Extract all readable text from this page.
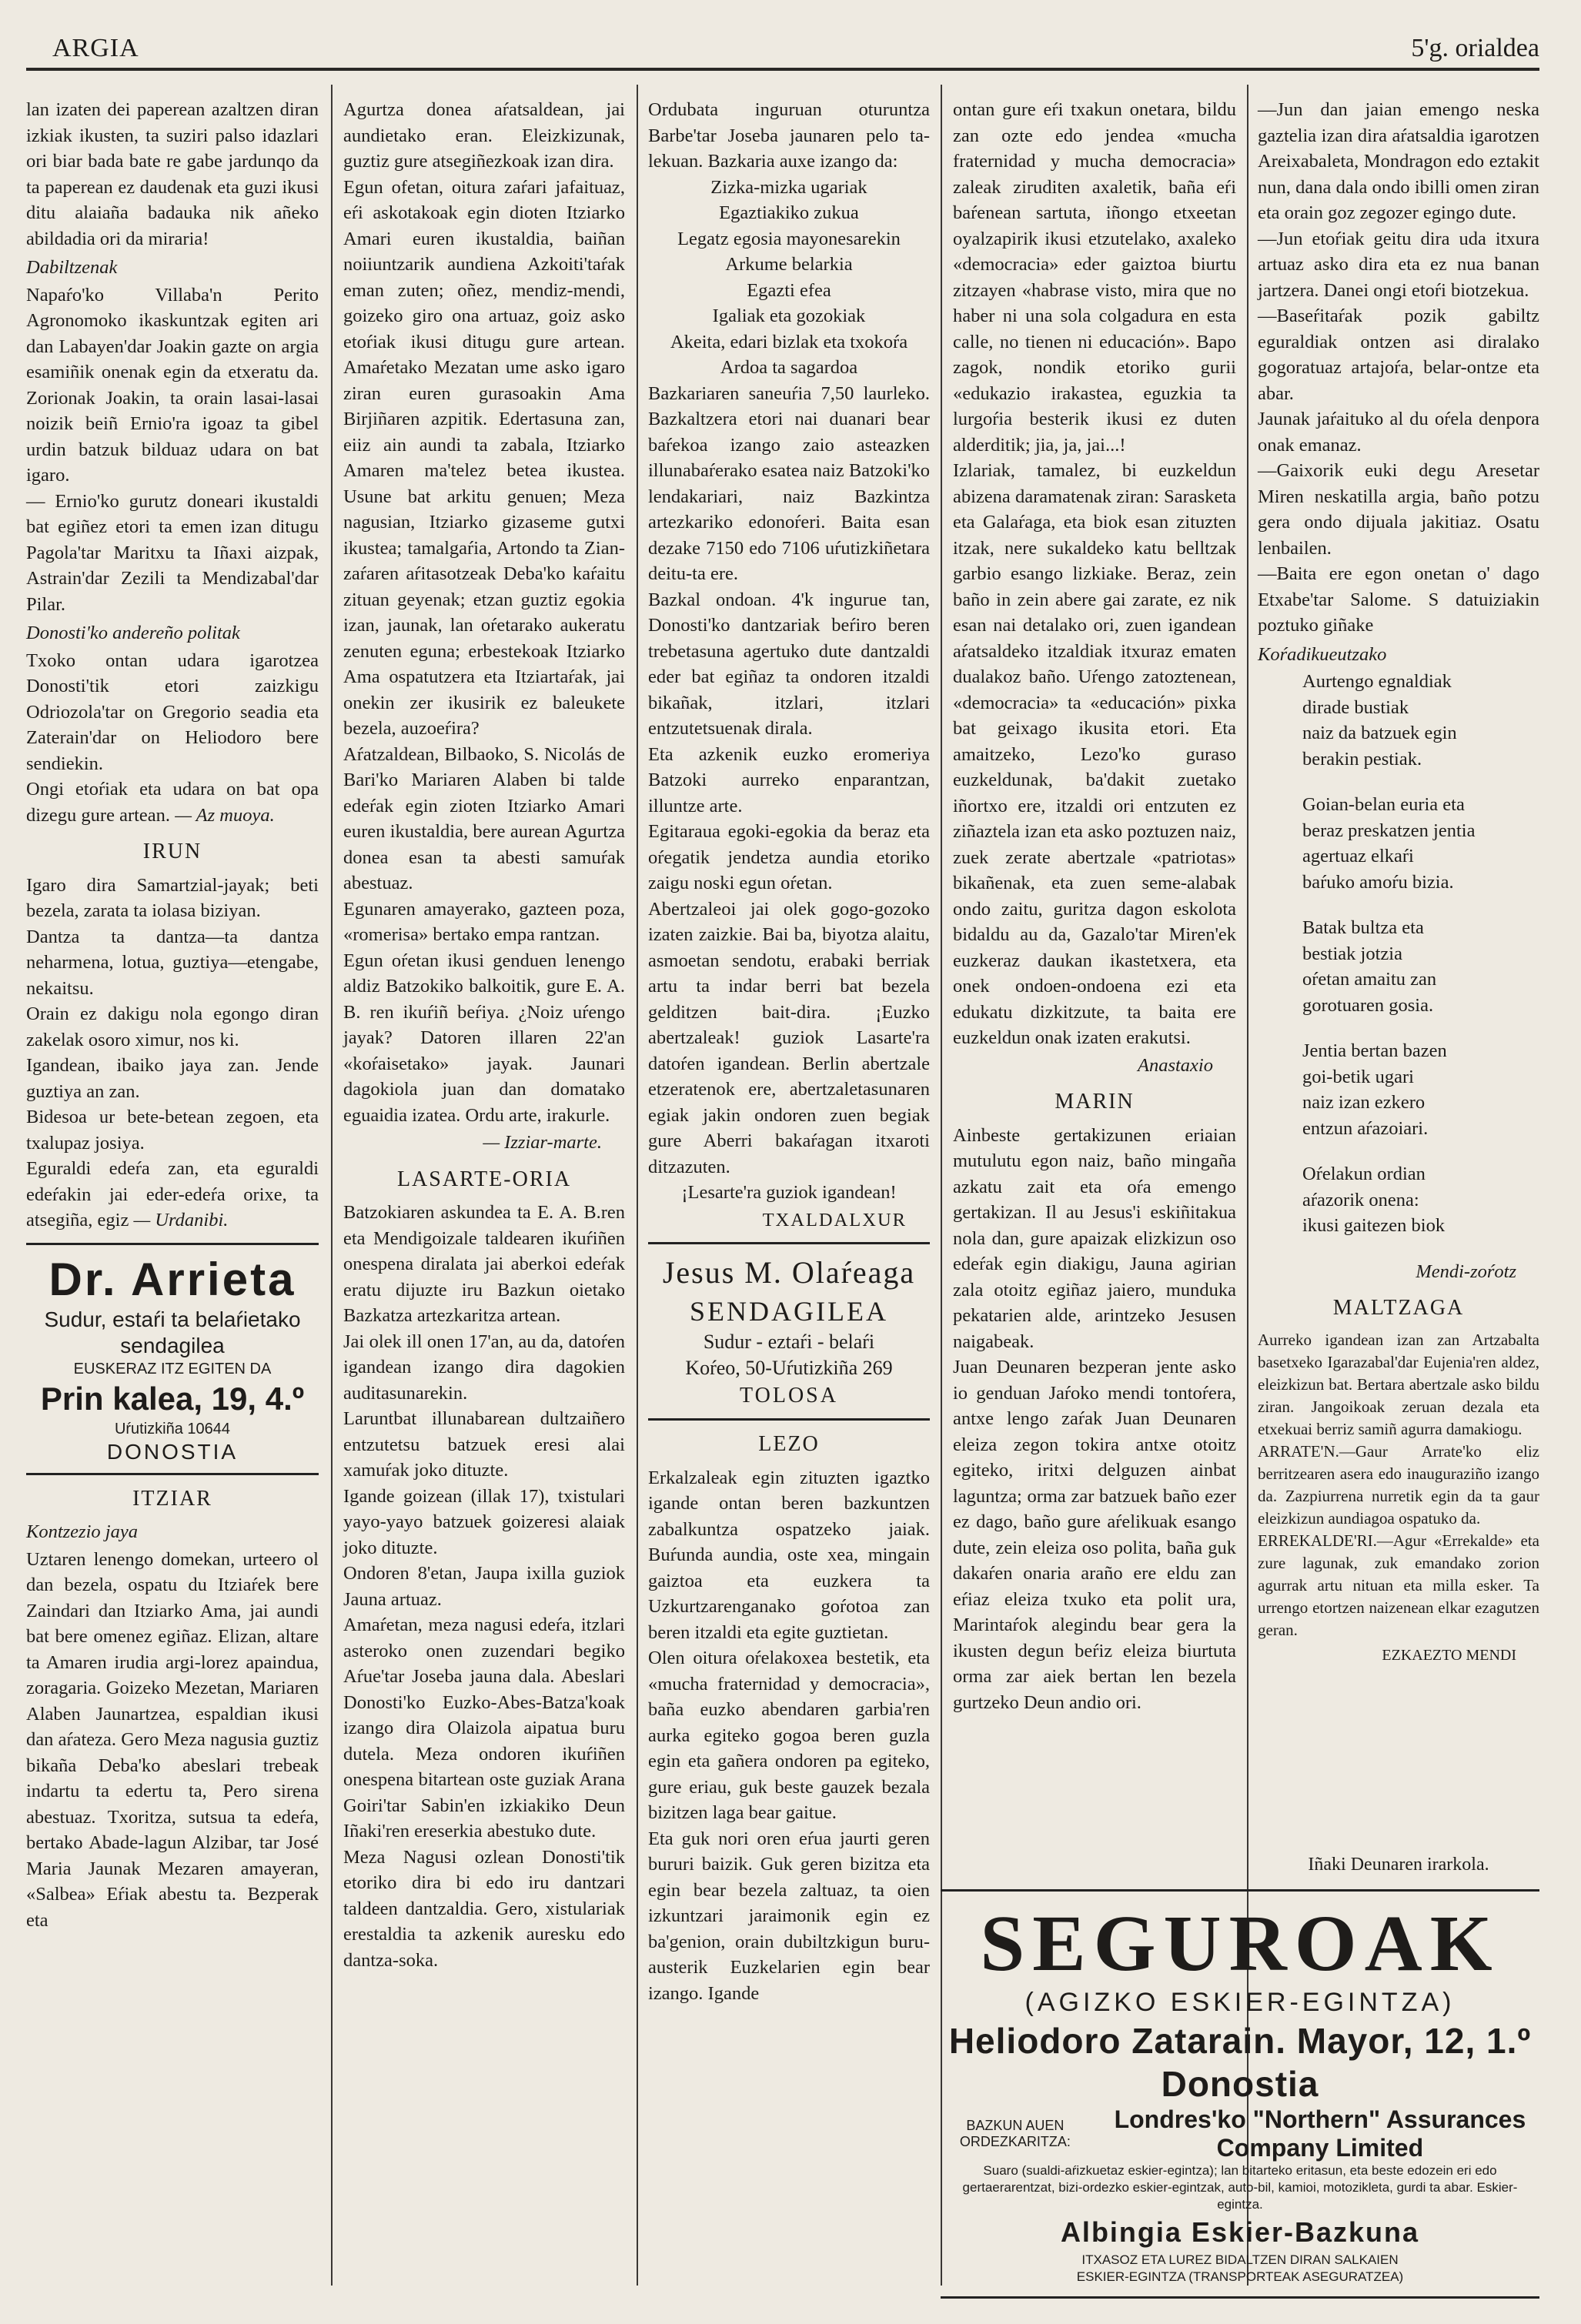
ARGIA	5'g. orialdea

lan izaten dei paperean azaltzen diran izkiak ikusten, ta suziri palso idazlari ori biar bada bate re gabe jardunqo da ta paperean ez daudenak eta guzi ikusi ditu alaiaña badauka nik añeko abildadia ori da miraria!

Dabiltzenak

Napaŕo'ko Villaba'n Perito Agronomoko ikaskuntzak egiten ari dan Labayen'dar Joakin gazte on argia esamiñik onenak egin da etxeratu da. Zorionak Joakin, ta orain lasai-lasai noizik beiñ Ernio'ra igoaz ta gibel urdin batzuk bilduaz udara on bat igaro.

— Ernio'ko gurutz doneari ikustaldi bat egiñez etori ta emen izan ditugu Pagola'tar Maritxu ta Iñaxi aizpak, Astrain'dar Zezili ta Mendizabal'dar Pilar.

Donosti'ko andereño politak

Txoko ontan udara igarotzea Donosti'tik etori zaizkigu Odriozola'tar on Gregorio seadia eta Zaterain'dar on Heliodoro bere sendiekin.

Ongi etoŕiak eta udara on bat opa dizegu gure artean. — Az muoya.

IRUN

Igaro dira Samartzial-jayak; beti bezela, zarata ta iolasa biziyan.

Dantza ta dantza—ta dantza neharmena, lotua, guztiya—etengabe, nekaitsu.

Orain ez dakigu nola egongo diran zakelak osoro ximur, nos ki.

Igandean, ibaiko jaya zan. Jende guztiya an zan.

Bidesoa ur bete-betean zegoen, eta txalupaz josiya.

Eguraldi edeŕa zan, eta eguraldi edeŕakin jai eder-edeŕa orixe, ta atsegiña, egiz — Urdanibi.

Dr. Arrieta
Sudur, estaŕi ta belaŕietako
sendagilea
EUSKERAZ ITZ EGITEN DA
Prin kalea, 19, 4.º
Uŕutizkiña 10644
DONOSTIA
ITZIAR

Kontzezio jaya

Uztaren lenengo domekan, urteero ol dan bezela, ospatu du Itziaŕek bere Zaindari dan Itziarko Ama, jai aundi bat bere omenez egiñaz. Elizan, altare ta Amaren irudia argi-lorez apaindua, zoragaria. Goizeko Mezetan, Mariaren Alaben Jaunartzea, espaldian ikusi dan aŕateza. Gero Meza nagusia guztiz bikaña Deba'ko abeslari trebeak indartu ta edertu ta, Pero sirena abestuaz. Txoritza, sutsua ta edeŕa, bertako Abade-lagun Alzibar, tar José Maria Jaunak Mezaren amayeran, «Salbea» Eŕiak abestu ta. Bezperak eta

Agurtza donea aŕatsaldean, jai aundietako eran. Eleizkizunak, guztiz gure atsegiñezkoak izan dira.

Egun ofetan, oitura zaŕari jafaituaz, eŕi askotakoak egin dioten Itziarko Amari euren ikustaldia, baiñan noiiuntzarik aundiena Azkoiti'taŕak eman zuten; oñez, mendiz-mendi, goizeko giro ona artuaz, goiz asko etoŕiak ikusi ditugu gure artean. Amaŕetako Mezatan ume asko igaro ziran euren gurasoakin Ama Birjiñaren azpitik. Edertasuna zan, eiiz ain aundi ta zabala, Itziarko Amaren ma'telez betea ikustea. Usune bat arkitu genuen; Meza nagusian, Itziarko gizaseme gutxi ikustea; tamalgaŕia, Artondo ta Zian-zaŕaren aŕitasotzeak Deba'ko kaŕaitu zituan geyenak; etzan guztiz egokia izan, jaunak, lan oŕetarako aukeratu zenuten eguna; erbestekoak Itziarko Ama ospatutzera eta Itziartaŕak, jai onekin zer ikusirik ez baleukete bezela, auzoeŕira?

Aŕatzaldean, Bilbaoko, S. Nicolás de Bari'ko Mariaren Alaben bi talde edeŕak egin zioten Itziarko Amari euren ikustaldia, bere aurean Agurtza donea esan ta abesti samuŕak abestuaz.

Egunaren amayerako, gazteen poza, «romerisa» bertako empa rantzan.

Egun oŕetan ikusi genduen lenengo aldiz Batzokiko balkoitik, gure E. A. B. ren ikuŕiñ beŕiya. ¿Noiz uŕengo jayak? Datoren illaren 22'an «koŕaisetako» jayak. Jaunari dagokiola juan dan domatako eguaidia izatea. Ordu arte, irakurle.

— Izziar-marte.

LASARTE-ORIA

Batzokiaren askundea ta E. A. B.ren eta Mendigoizale taldearen ikuŕiñen onespena diralata jai aberkoi edeŕak eratu dijuzte iru Bazkun oietako Bazkatza artezkaritza artean.

Jai olek ill onen 17'an, au da, datoŕen igandean izango dira dagokien auditasunarekin.

Laruntbat illunabarean dultzaiñero entzutetsu batzuek eresi alai xamuŕak joko dituzte.

Igande goizean (illak 17), txistulari yayo-yayo batzuek goizeresi alaiak joko dituzte.

Ondoren 8'etan, Jaupa ixilla guziok Jauna artuaz.

Amaŕetan, meza nagusi edeŕa, itzlari asteroko onen zuzendari begiko Aŕue'tar Joseba jauna dala. Abeslari Donosti'ko Euzko-Abes-Batza'koak izango dira Olaizola aipatua buru dutela. Meza ondoren ikuŕiñen onespena bitartean oste guziak Arana Goiri'tar Sabin'en izkiakiko Deun Iñaki'ren ereserkia abestuko dute.

Meza Nagusi ozlean Donosti'tik etoriko dira bi edo iru dantzari taldeen dantzaldia. Gero, xistulariak erestaldia ta azkenik auresku edo dantza-soka.

Ordubata inguruan oturuntza Barbe'tar Joseba jaunaren pelo ta-lekuan. Bazkaria auxe izango da:

Zizka-mizka ugariak
Egaztiakiko zukua
Legatz egosia mayonesarekin
Arkume belarkia
Egazti efea
Igaliak eta gozokiak
Akeita, edari bizlak eta txokoŕa
Ardoa ta sagardoa

Bazkariaren saneuŕia 7,50 laurleko. Bazkaltzera etori nai duanari bear baŕekoa izango zaio asteazken illunabaŕerako esatea naiz Batzoki'ko lendakariari, naiz Bazkintza artezkariko edonoŕeri. Baita esan dezake 7150 edo 7106 uŕutizkiñetara deitu-ta ere.

Bazkal ondoan. 4'k ingurue tan, Donosti'ko dantzariak beŕiro beren trebetasuna agertuko dute dantzaldi eder bat egiñaz ta ondoren itzaldi bikañak, itzlari, itzlari entzutetsuenak dirala.

Eta azkenik euzko eromeriya Batzoki aurreko enparantzan, illuntze arte.

Egitaraua egoki-egokia da beraz eta oŕegatik jendetza aundia etoriko zaigu noski egun oŕetan.

Abertzaleoi jai olek gogo-gozoko izaten zaizkie. Bai ba, biyotza alaitu, asmoetan sendotu, erabaki berriak artu ta indar berri bat bezela gelditzen bait-dira. ¡Euzko abertzaleak! guziok Lasarte'ra datoŕen igandean. Berlin abertzale etzeratenok ere, abertzaletasunaren egiak jakin ondoren zuen begiak gure Aberri bakaŕagan itxaroti ditzazuten.

¡Lesarte'ra guziok igandean!

TXALDALXUR

Jesus M. Olaŕeaga
SENDAGILEA
Sudur - eztaŕi - belaŕi
Koŕeo, 50-Uŕutizkiña 269
TOLOSA
LEZO

Erkalzaleak egin zituzten igaztko igande ontan beren bazkuntzen zabalkuntza ospatzeko jaiak. Buŕunda aundia, oste xea, mingain gaiztoa eta euzkera ta Uzkurtzarenganako goŕotoa zan beren itzaldi eta egite guztietan.

Olen oitura oŕelakoxea bestetik, eta «mucha fraternidad y democracia», baña euzko abendaren garbia'ren aurka egiteko gogoa beren guzla egin eta gañera ondoren pa egiteko, gure eriau, guk beste gauzek bezala bizitzen laga bear gaitue.

Eta guk nori oren eŕua jaurti geren bururi baizik. Guk geren bizitza eta egin bear bezela zaltuaz, ta oien izkuntzari jaraimonik egin ez ba'genion, orain dubiltzkigun buru-austerik Euzkelarien egin bear izango. Igande

ontan gure eŕi txakun onetara, bildu zan ozte edo jendea «mucha fraternidad y mucha democracia» zaleak ziruditen axaletik, baña eŕi baŕenean sartuta, iñongo etxeetan oyalzapirik ikusi etzutelako, axaleko «democracia» eder gaiztoa biurtu zitzayen «habrase visto, mira que no haber ni una sola colgadura en esta calle, no tienen ni educación». Bapo zagok, nondik etoriko gurii «edukazio irakastea, eguzkia ta lurgoŕia besterik ikusi ez duten alderditik; jia, ja, jai...!

Izlariak, tamalez, bi euzkeldun abizena daramatenak ziran: Sarasketa eta Galaŕaga, eta biok esan zituzten itzak, nere sukaldeko katu belltzak garbio esango lizkiake. Beraz, zein baño in zein abere gai zarate, ez nik esan nai detalako ori, zuen igandean aŕatsaldeko itzaldiak itxuraz ematen dualakoz baño. Uŕengo zatoztenean, «democracia» ta «educación» pixka bat geixago ikusita etori. Eta amaitzeko, Lezo'ko guraso euzkeldunak, ba'dakit zuetako iñortxo ere, itzaldi ori entzuten ez ziñaztela izan eta asko poztuzen naiz, zuek zerate abertzale «patriotas» bikañenak, eta zuen seme-alabak ondo zaitu, guritza dagon eskolota bidaldu au da, Gazalo'tar Miren'ek euzkeraz daukan ikastetxera, eta onek ondoen-ondoena ezi eta edukatu dizkitzute, ta baita ere euzkeldun onak izaten erakutsi.

Anastaxio

MARIN

Ainbeste gertakizunen eriaian mutulutu egon naiz, baño mingaña azkatu zait eta oŕa emengo gertakizan. Il au Jesus'i eskiñitakua nola dan, gure apaizak elizkizun oso edeŕak egin diakigu, Jauna agirian zala otoitz egiñaz jaiero, munduka pekatarien alde, arintzeko Jesusen naigabeak.

Juan Deunaren bezperan jente asko io genduan Jaŕoko mendi tontoŕera, antxe lengo zaŕak Juan Deunaren eleiza zegon tokira antxe otoitz egiteko, iritxi delguzen ainbat laguntza; orma zar batzuek baño ezer ez dago, baño gure aŕelikuak esango dute, zein eleiza oso polita, baña guk dakaŕen onaria araño ere eldu zan eŕiaz eleiza txuko eta polit ura, Marintaŕok alegindu bear gera la ikusten degun beŕiz eleiza biurtuta orma zar aiek bertan len bezela gurtzeko Deun andio ori.

—Jun dan jaian emengo neska gaztelia izan dira aŕatsaldia igarotzen Areixabaleta, Mondragon edo eztakit nun, dana dala ondo ibilli omen ziran eta orain goz zegozer egingo dute.

—Jun etoŕiak geitu dira uda itxura artuaz asko dira eta ez nua banan jartzera. Danei ongi etoŕi biotzekua.

—Baseŕitaŕak pozik gabiltz eguraldiak ontzen asi diralako gogoratuaz artajoŕa, belar-ontze eta abar.

Jaunak jaŕaituko al du oŕela denpora onak emanaz.

—Gaixorik euki degu Aresetar Miren neskatilla argia, baño potzu gera ondo dijuala jakitiaz. Osatu lenbailen.

—Baita ere egon onetan o' dago Etxabe'tar Salome. S datuiziakin poztuko giñake

Koŕadikueutzako

Aurtengo egnaldiak

dirade bustiak

naiz da batzuek egin

berakin pestiak.

Goian-belan euria eta

beraz preskatzen jentia

agertuaz elkaŕi

baŕuko amoŕu bizia.

Batak bultza eta

bestiak jotzia

oŕetan amaitu zan

gorotuaren gosia.

Jentia bertan bazen

goi-betik ugari

naiz izan ezkero

entzun aŕazoiari.

Oŕelakun ordian

aŕazorik onena:

ikusi gaitezen biok

Mendi-zoŕotz

MALTZAGA

Aurreko igandean izan zan Artzabalta basetxeko Igarazabal'dar Eujenia'ren aldez, eleizkizun bat. Bertara abertzale asko bildu ziran. Jangoikoak zeruan dezala eta etxekuai berriz samiñ agurra damakiogu.

ARRATE'N.—Gaur Arrate'ko eliz berritzearen asera edo inauguraziño izango da. Zazpiurrena nurretik egin da ta gaur eleizkizun aundiagoa ospatuko da.

ERREKALDE'RI.—Agur «Errekalde» eta zure lagunak, zuk emandako zorion agurrak artu nituan eta milla esker. Ta urrengo etortzen naizenean elkar ezagutzen geran.

EZKAEZTO MENDI

Iñaki Deunaren irarkola.
SEGUROAK
(AGIZKO ESKIER-EGINTZA)
Heliodoro Zatarain. Mayor, 12, 1.º Donostia
BAZKUN AUEN ORDEZKARITZA:
Londres'ko "Northern" Assurances Company Limited
Suaro (sualdi-aŕizkuetaz eskier-egintza); lan bitarteko eritasun, eta beste edozein eri edo gertaerarentzat, bizi-ordezko eskier-egintzak, auto-bil, kamioi, motozikleta, gurdi ta abar. Eskier-egintza.
Albingia Eskier-Bazkuna
ITXASOZ ETA LUREZ BIDALTZEN DIRAN SALKAIEN
ESKIER-EGINTZA (TRANSPORTEAK ASEGURATZEA)
